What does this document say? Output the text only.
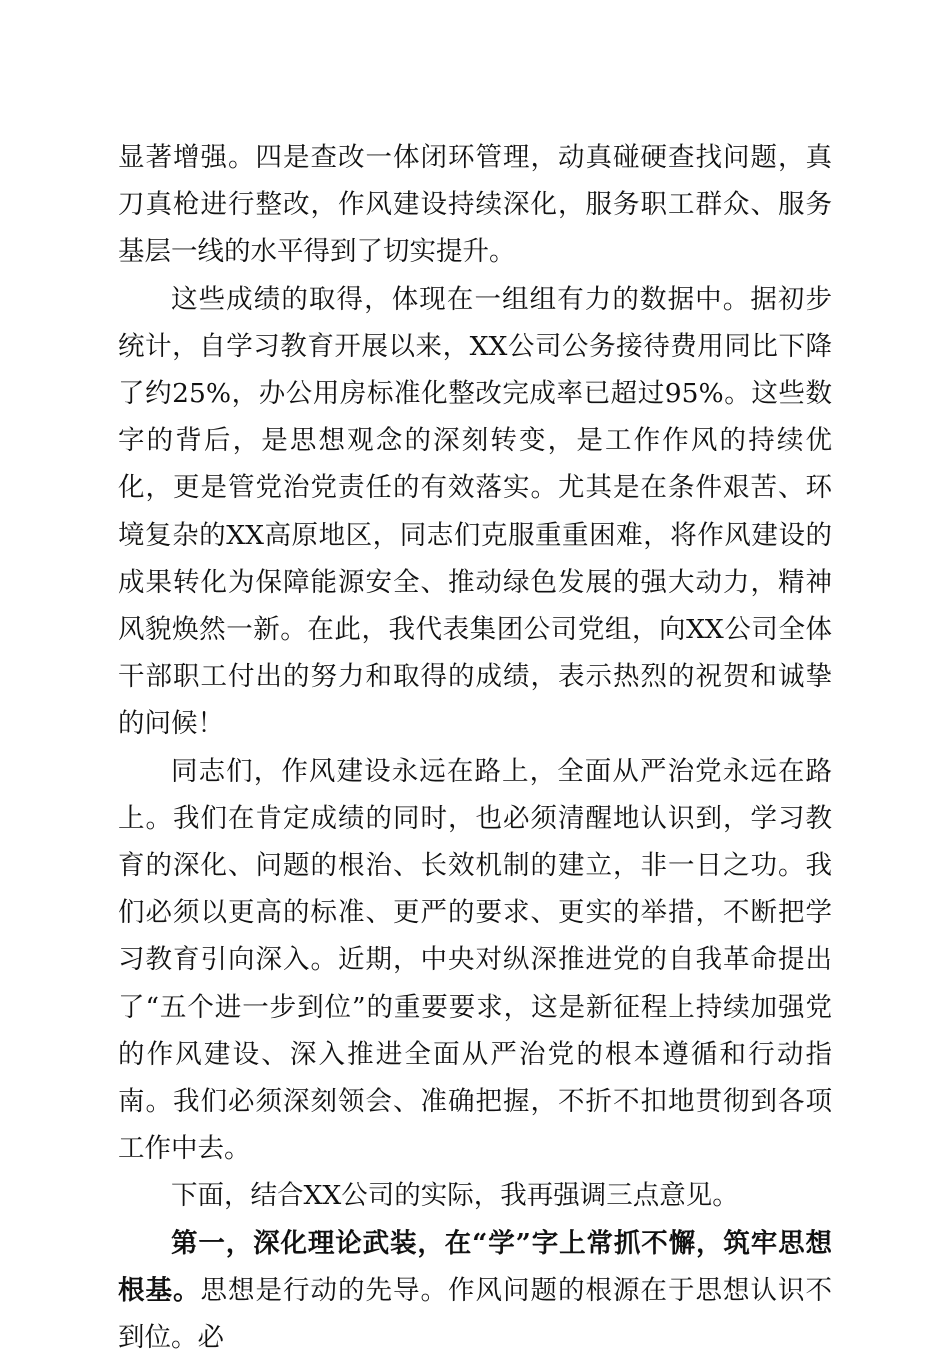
显著增强。四是查改一体闭环管理，动真碰硬查找问题，真刀真枪进行整改，作风建设持续深化，服务职工群众、服务基层一线的水平得到了切实提升。

这些成绩的取得，体现在一组组有力的数据中。据初步统计，自学习教育开展以来，XX公司公务接待费用同比下降了约25%，办公用房标准化整改完成率已超过95%。这些数字的背后，是思想观念的深刻转变，是工作作风的持续优化，更是管党治党责任的有效落实。尤其是在条件艰苦、环境复杂的XX高原地区，同志们克服重重困难，将作风建设的成果转化为保障能源安全、推动绿色发展的强大动力，精神风貌焕然一新。在此，我代表集团公司党组，向XX公司全体干部职工付出的努力和取得的成绩，表示热烈的祝贺和诚挚的问候！

同志们，作风建设永远在路上，全面从严治党永远在路上。我们在肯定成绩的同时，也必须清醒地认识到，学习教育的深化、问题的根治、长效机制的建立，非一日之功。我们必须以更高的标准、更严的要求、更实的举措，不断把学习教育引向深入。近期，中央对纵深推进党的自我革命提出了“五个进一步到位”的重要要求，这是新征程上持续加强党的作风建设、深入推进全面从严治党的根本遵循和行动指南。我们必须深刻领会、准确把握，不折不扣地贯彻到各项工作中去。

下面，结合XX公司的实际，我再强调三点意见。

第一，深化理论武装，在“学”字上常抓不懈，筑牢思想根基。思想是行动的先导。作风问题的根源在于思想认识不到位。必
